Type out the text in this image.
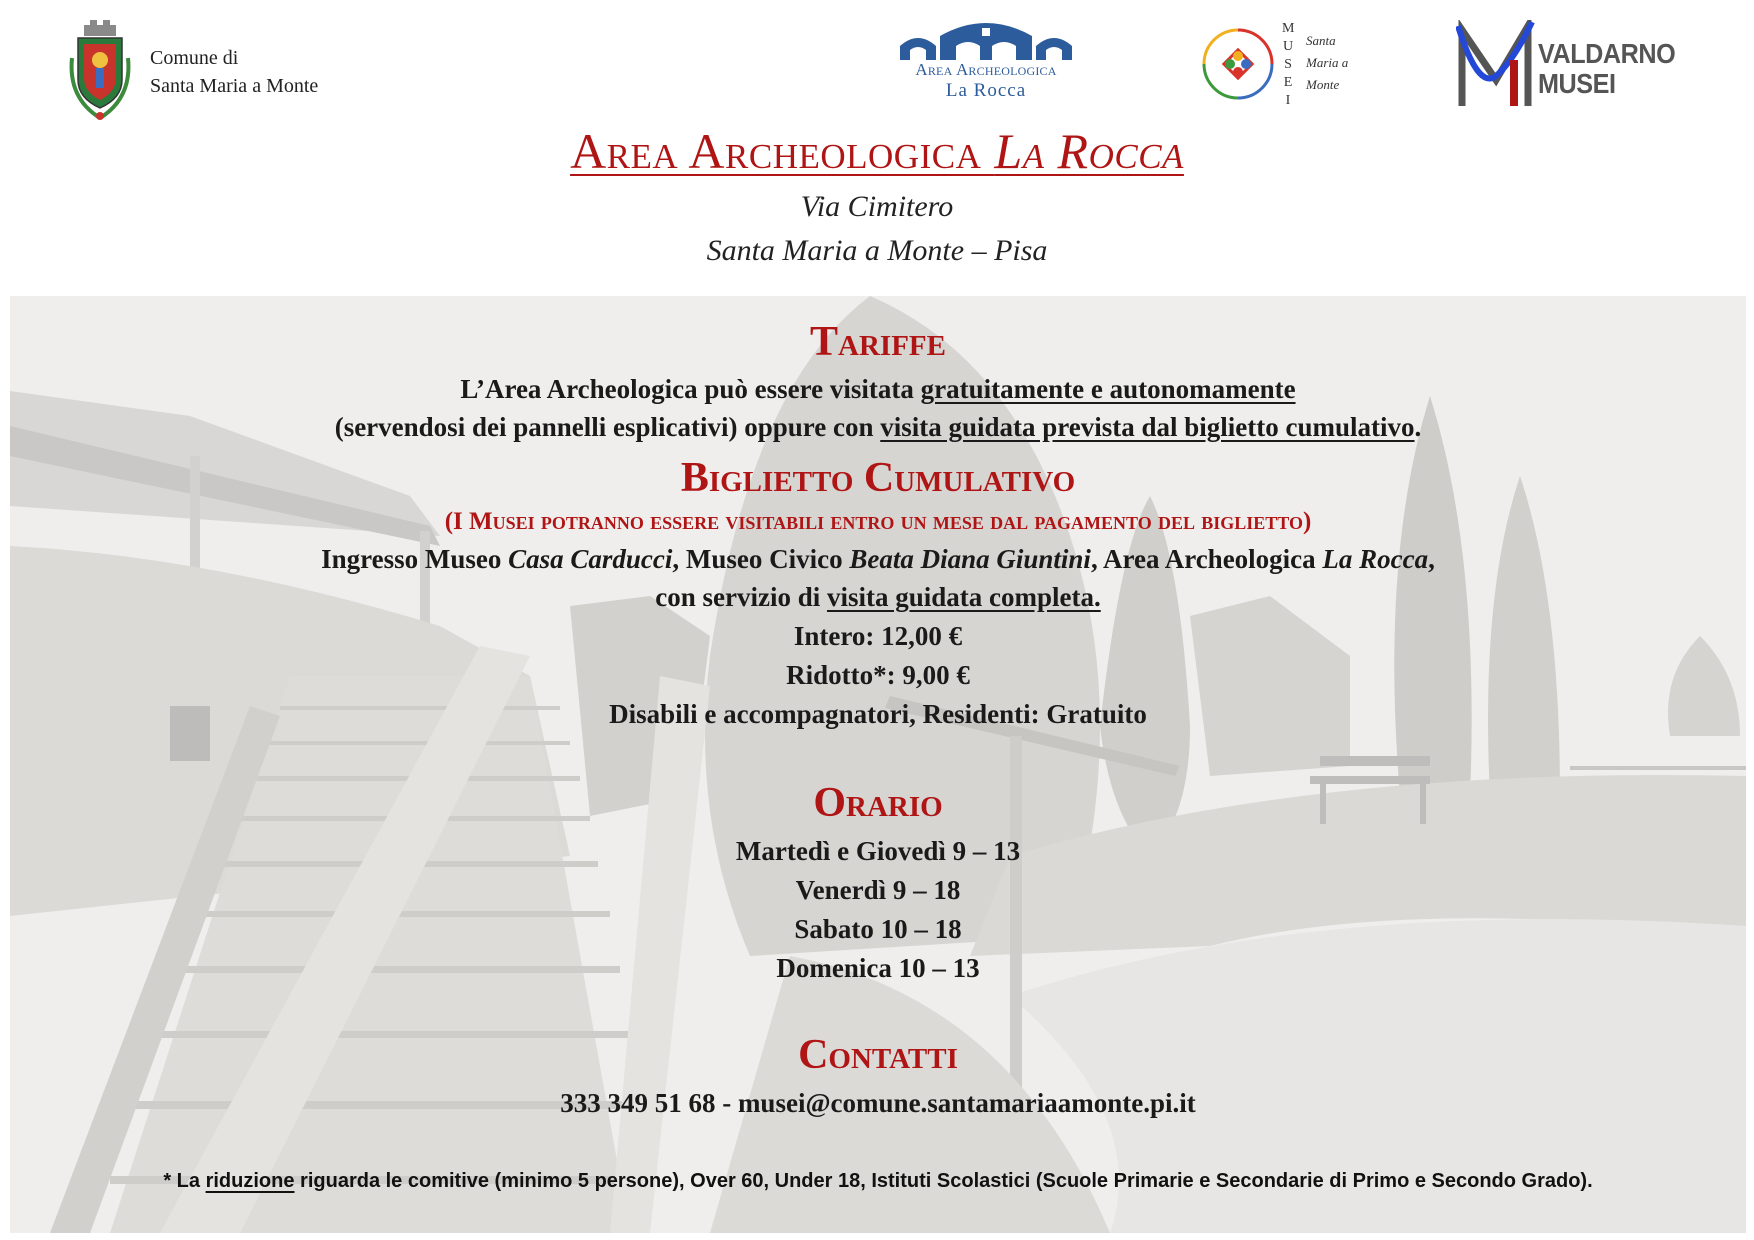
Comune di
Santa Maria a Monte
Area Archeologica
La Rocca
M
U
S
E
I
Santa
Maria a
Monte
VALDARNO
MUSEI
Area Archeologica La Rocca
Via Cimitero
Santa Maria a Monte – Pisa
Tariffe
L’Area Archeologica può essere visitata gratuitamente e autonomamente
(servendosi dei pannelli esplicativi) oppure con visita guidata prevista dal biglietto cumulativo.
Biglietto Cumulativo
(I Musei potranno essere visitabili entro un mese dal pagamento del biglietto)
Ingresso Museo Casa Carducci, Museo Civico Beata Diana Giuntini, Area Archeologica La Rocca,
con servizio di visita guidata completa.
Intero: 12,00 €
Ridotto*: 9,00 €
Disabili e accompagnatori, Residenti: Gratuito
Orario
Martedì e Giovedì 9 – 13
Venerdì 9 – 18
Sabato 10 – 18
Domenica 10 – 13
Contatti
333 349 51 68 - musei@comune.santamariaamonte.pi.it
* La riduzione riguarda le comitive (minimo 5 persone), Over 60, Under 18, Istituti Scolastici (Scuole Primarie e Secondarie di Primo e Secondo Grado).
